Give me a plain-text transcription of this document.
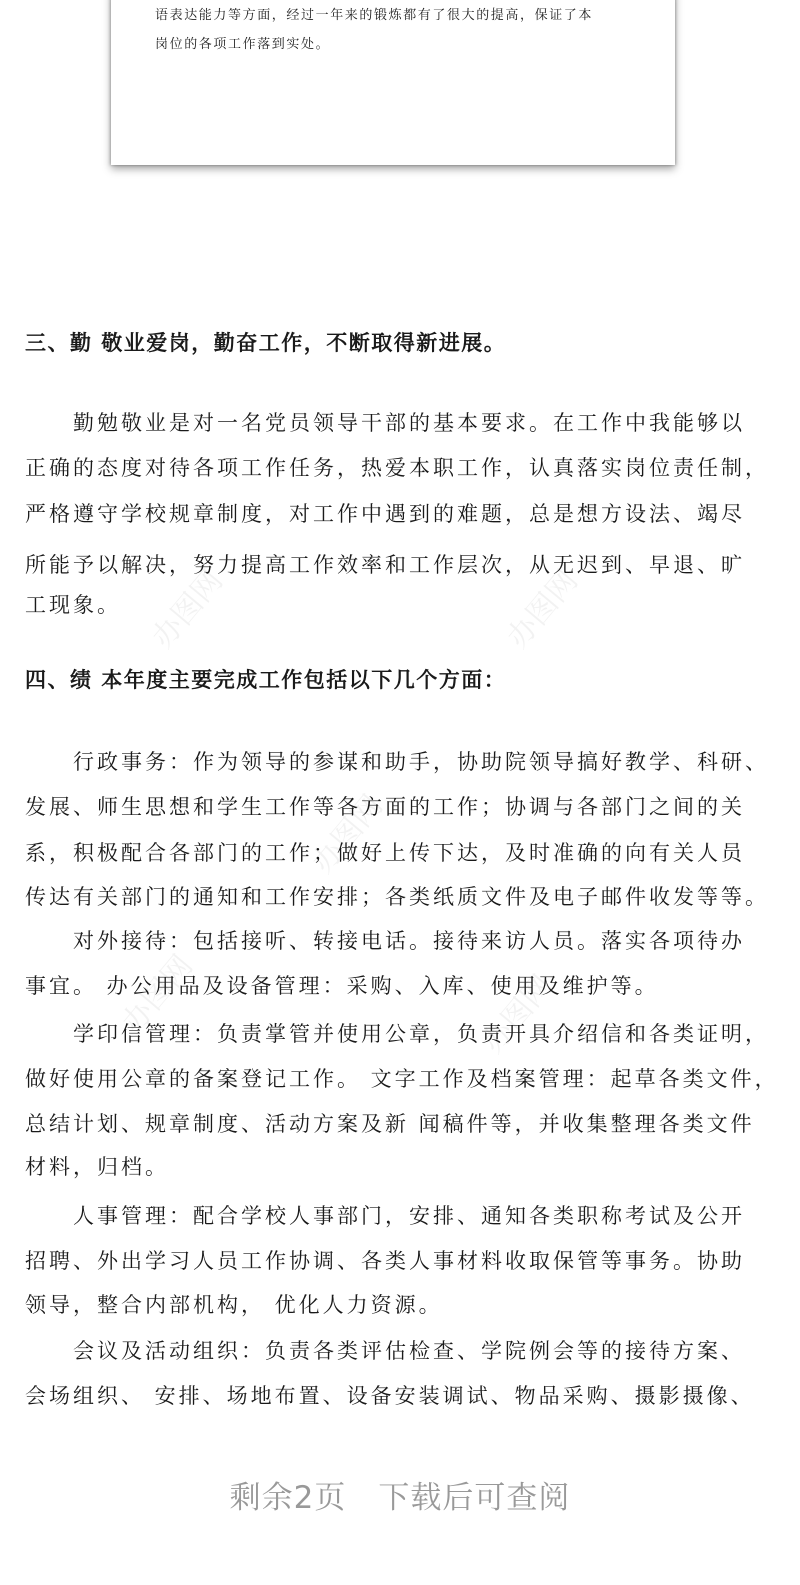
语表达能力等方面，经过一年来的锻炼都有了很大的提高，保证了本
岗位的各项工作落到实处。
办图网	办图网
办图网
办图网	办图网
三、勤 敬业爱岗，勤奋工作，不断取得新进展。
　　勤勉敬业是对一名党员领导干部的基本要求。在工作中我能够以
正确的态度对待各项工作任务，热爱本职工作，认真落实岗位责任制，
严格遵守学校规章制度，对工作中遇到的难题，总是想方设法、竭尽
所能予以解决，努力提高工作效率和工作层次，从无迟到、早退、旷
工现象。
四、绩 本年度主要完成工作包括以下几个方面：
　　行政事务：作为领导的参谋和助手，协助院领导搞好教学、科研、
发展、师生思想和学生工作等各方面的工作；协调与各部门之间的关
系，积极配合各部门的工作；做好上传下达，及时准确的向有关人员
传达有关部门的通知和工作安排；各类纸质文件及电子邮件收发等等。
　　对外接待：包括接听、转接电话。接待来访人员。落实各项待办
事宜。 办公用品及设备管理：采购、入库、使用及维护等。
　　学印信管理：负责掌管并使用公章，负责开具介绍信和各类证明，
做好使用公章的备案登记工作。 文字工作及档案管理：起草各类文件，
总结计划、规章制度、活动方案及新 闻稿件等，并收集整理各类文件
材料，归档。
　　人事管理：配合学校人事部门，安排、通知各类职称考试及公开
招聘、外出学习人员工作协调、各类人事材料收取保管等事务。协助
领导，整合内部机构， 优化人力资源。
　　会议及活动组织：负责各类评估检查、学院例会等的接待方案、
会场组织、 安排、场地布置、设备安装调试、物品采购、摄影摄像、
剩余2页　下载后可查阅
